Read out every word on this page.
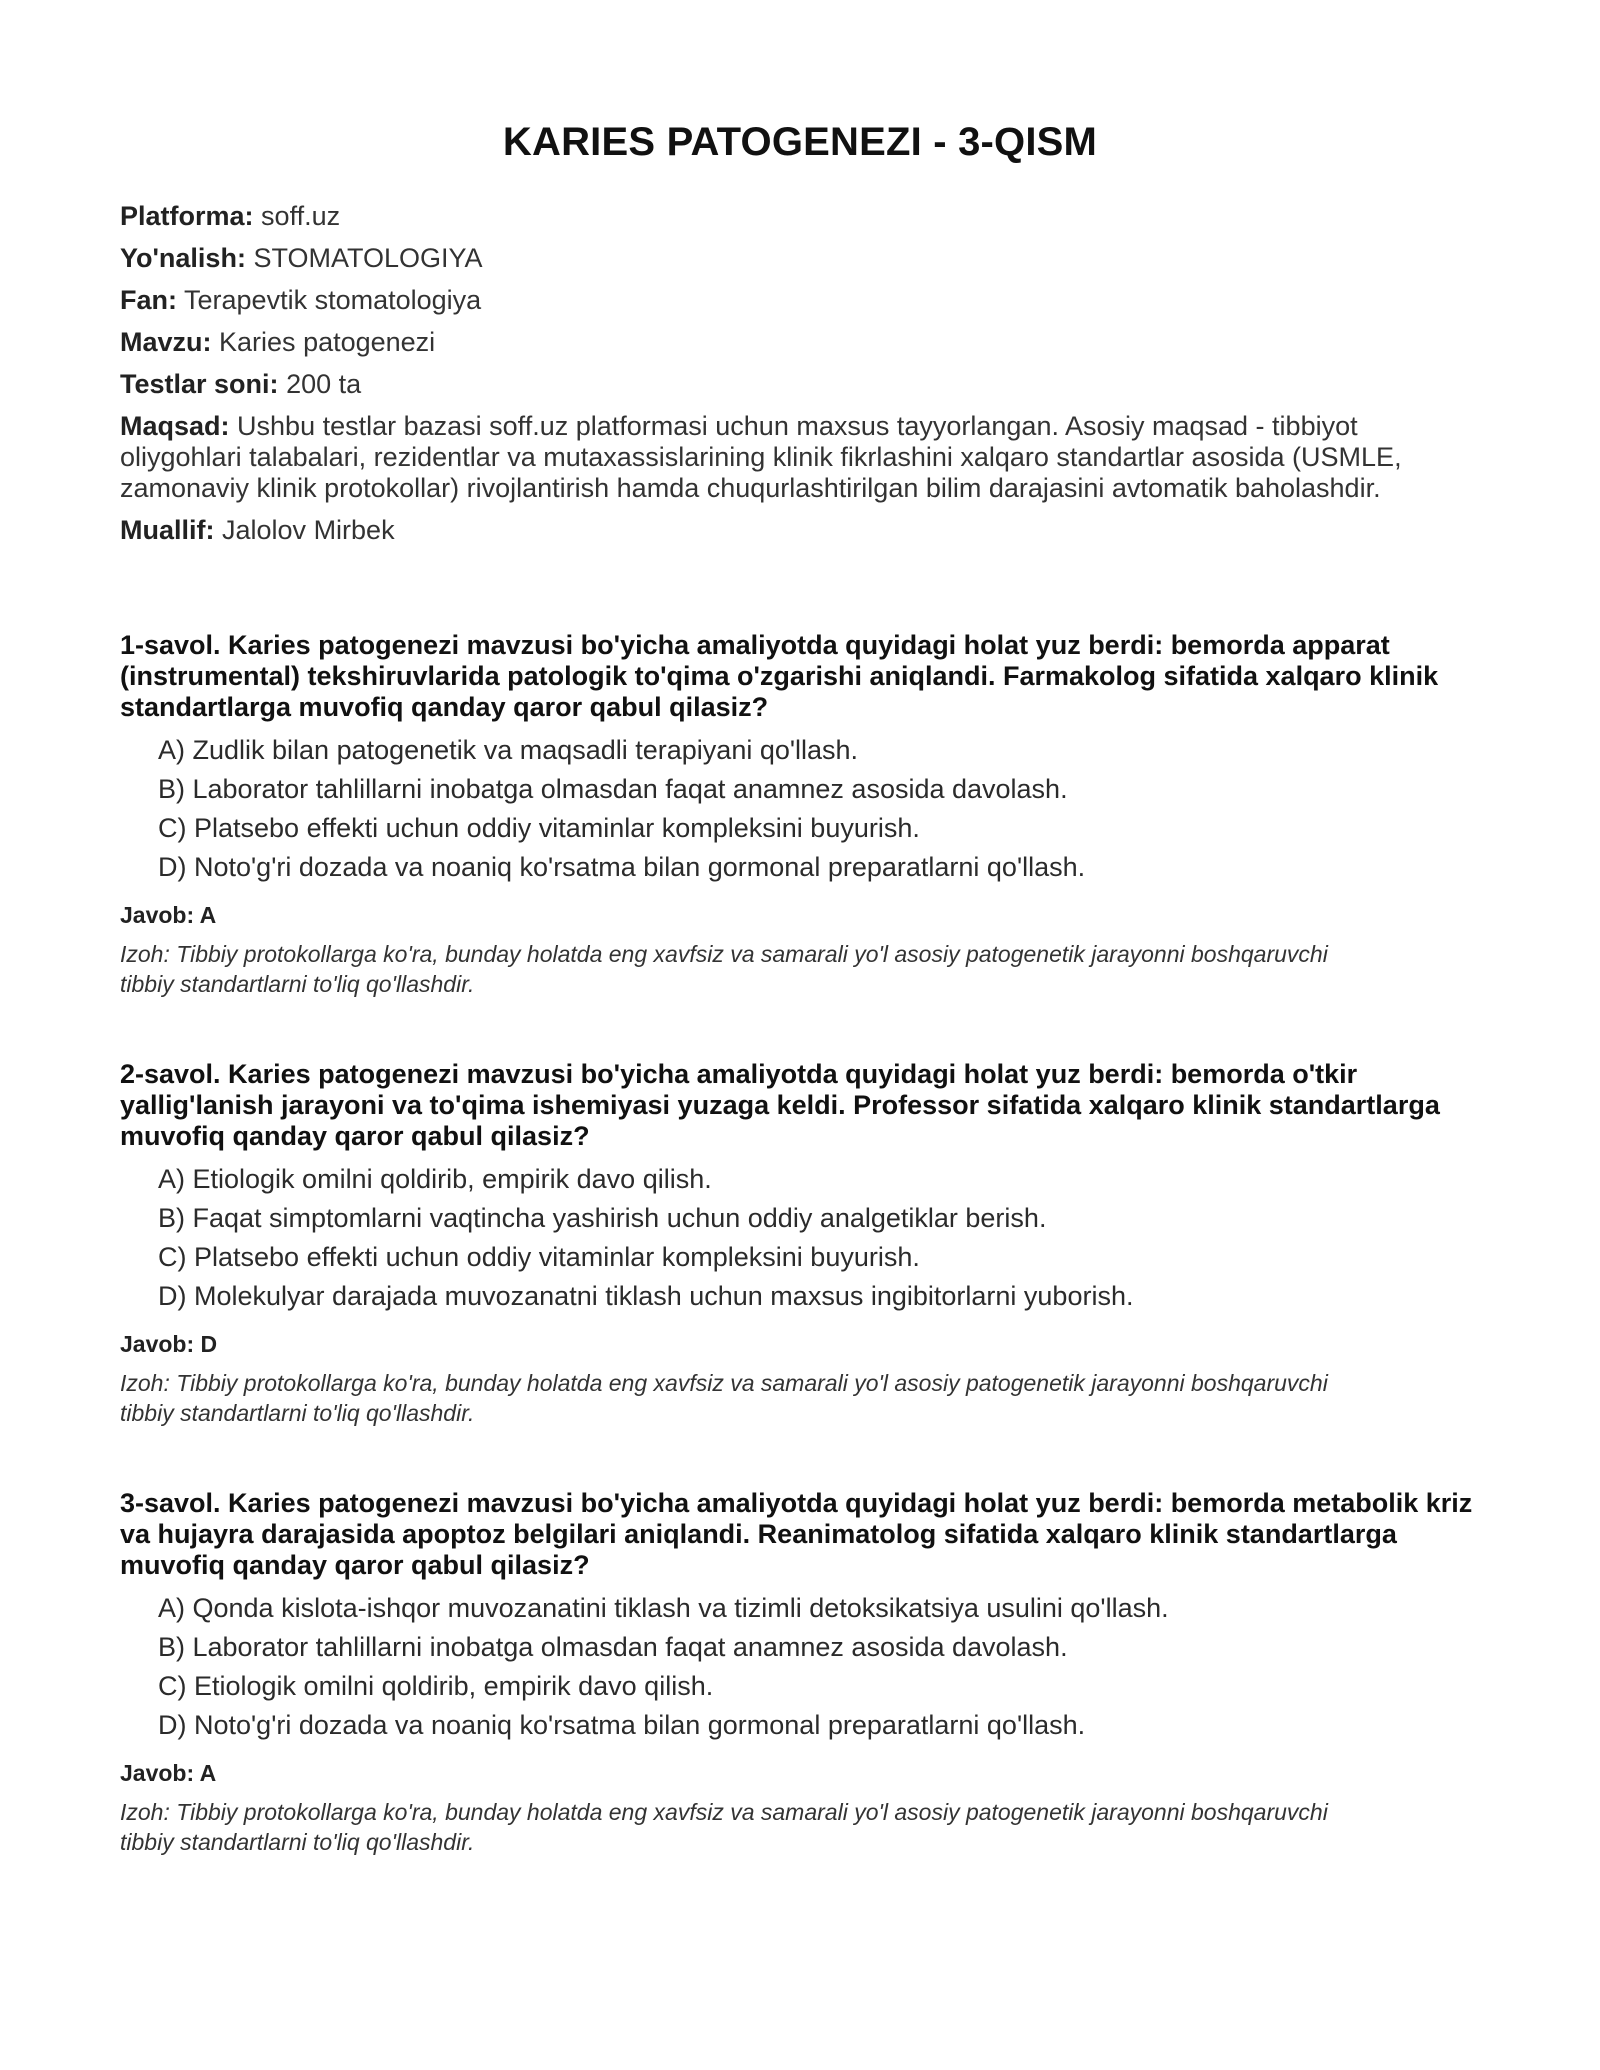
KARIES PATOGENEZI - 3-QISM

Platforma: soff.uz

Yo'nalish: STOMATOLOGIYA

Fan: Terapevtik stomatologiya

Mavzu: Karies patogenezi

Testlar soni: 200 ta

Maqsad: Ushbu testlar bazasi soff.uz platformasi uchun maxsus tayyorlangan. Asosiy maqsad - tibbiyot oliygohlari talabalari, rezidentlar va mutaxassislarining klinik fikrlashini xalqaro standartlar asosida (USMLE, zamonaviy klinik protokollar) rivojlantirish hamda chuqurlashtirilgan bilim darajasini avtomatik baholashdir.

Muallif: Jalolov Mirbek

1-savol. Karies patogenezi mavzusi bo'yicha amaliyotda quyidagi holat yuz berdi: bemorda apparat (instrumental) tekshiruvlarida patologik to'qima o'zgarishi aniqlandi. Farmakolog sifatida xalqaro klinik standartlarga muvofiq qanday qaror qabul qilasiz?

A) Zudlik bilan patogenetik va maqsadli terapiyani qo'llash.
B) Laborator tahlillarni inobatga olmasdan faqat anamnez asosida davolash.
C) Platsebo effekti uchun oddiy vitaminlar kompleksini buyurish.
D) Noto'g'ri dozada va noaniq ko'rsatma bilan gormonal preparatlarni qo'llash.

Javob: A

Izoh: Tibbiy protokollarga ko'ra, bunday holatda eng xavfsiz va samarali yo'l asosiy patogenetik jarayonni boshqaruvchi tibbiy standartlarni to'liq qo'llashdir.

2-savol. Karies patogenezi mavzusi bo'yicha amaliyotda quyidagi holat yuz berdi: bemorda o'tkir yallig'lanish jarayoni va to'qima ishemiyasi yuzaga keldi. Professor sifatida xalqaro klinik standartlarga muvofiq qanday qaror qabul qilasiz?

A) Etiologik omilni qoldirib, empirik davo qilish.
B) Faqat simptomlarni vaqtincha yashirish uchun oddiy analgetiklar berish.
C) Platsebo effekti uchun oddiy vitaminlar kompleksini buyurish.
D) Molekulyar darajada muvozanatni tiklash uchun maxsus ingibitorlarni yuborish.

Javob: D

Izoh: Tibbiy protokollarga ko'ra, bunday holatda eng xavfsiz va samarali yo'l asosiy patogenetik jarayonni boshqaruvchi tibbiy standartlarni to'liq qo'llashdir.

3-savol. Karies patogenezi mavzusi bo'yicha amaliyotda quyidagi holat yuz berdi: bemorda metabolik kriz va hujayra darajasida apoptoz belgilari aniqlandi. Reanimatolog sifatida xalqaro klinik standartlarga muvofiq qanday qaror qabul qilasiz?

A) Qonda kislota-ishqor muvozanatini tiklash va tizimli detoksikatsiya usulini qo'llash.
B) Laborator tahlillarni inobatga olmasdan faqat anamnez asosida davolash.
C) Etiologik omilni qoldirib, empirik davo qilish.
D) Noto'g'ri dozada va noaniq ko'rsatma bilan gormonal preparatlarni qo'llash.

Javob: A

Izoh: Tibbiy protokollarga ko'ra, bunday holatda eng xavfsiz va samarali yo'l asosiy patogenetik jarayonni boshqaruvchi tibbiy standartlarni to'liq qo'llashdir.
